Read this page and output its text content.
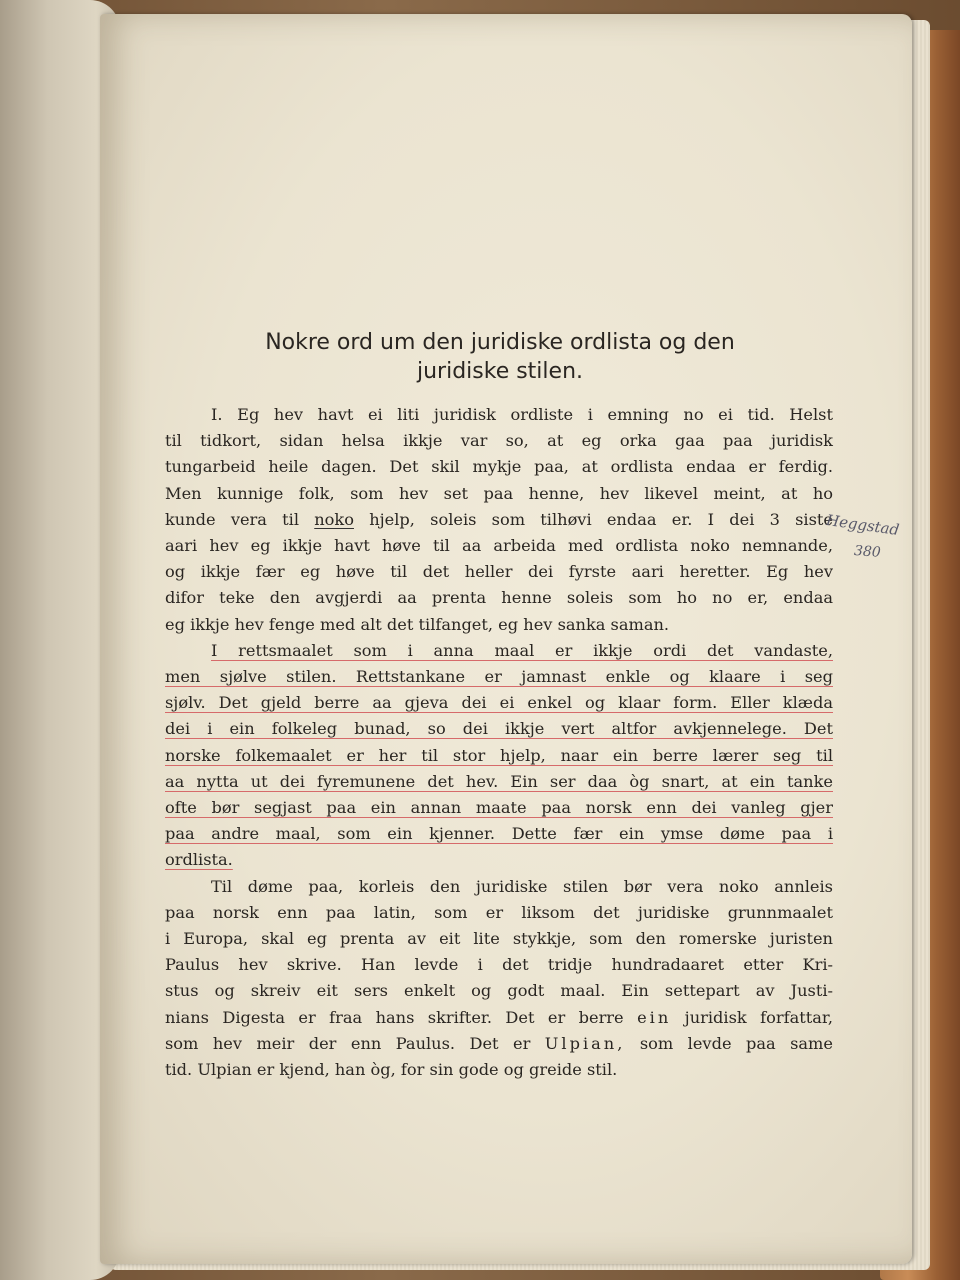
Nokre ord um den juridiske ordlista og den
juridiske stilen.
I. Eg hev havt ei liti juridisk ordliste i emning no ei tid. Helst
til tidkort, sidan helsa ikkje var so, at eg orka gaa paa juridisk
tungarbeid heile dagen. Det skil mykje paa, at ordlista endaa er ferdig.
Men kunnige folk, som hev set paa henne, hev likevel meint, at ho
kunde vera til noko hjelp, soleis som tilhøvi endaa er. I dei 3 siste
aari hev eg ikkje havt høve til aa arbeida med ordlista noko nemnande,
og ikkje fær eg høve til det heller dei fyrste aari heretter. Eg hev
difor teke den avgjerdi aa prenta henne soleis som ho no er, endaa
eg ikkje hev fenge med alt det tilfanget, eg hev sanka saman.
I rettsmaalet som i anna maal er ikkje ordi det vandaste,
men sjølve stilen. Rettstankane er jamnast enkle og klaare i seg
sjølv. Det gjeld berre aa gjeva dei ei enkel og klaar form. Eller klæda
dei i ein folkeleg bunad, so dei ikkje vert altfor avkjennelege. Det
norske folkemaalet er her til stor hjelp, naar ein berre lærer seg til
aa nytta ut dei fyremunene det hev. Ein ser daa òg snart, at ein tanke
ofte bør segjast paa ein annan maate paa norsk enn dei vanleg gjer
paa andre maal, som ein kjenner. Dette fær ein ymse døme paa i
ordlista.
Til døme paa, korleis den juridiske stilen bør vera noko annleis
paa norsk enn paa latin, som er liksom det juridiske grunnmaalet
i Europa, skal eg prenta av eit lite stykkje, som den romerske juristen
Paulus hev skrive. Han levde i det tridje hundradaaret etter Kri-
stus og skreiv eit sers enkelt og godt maal. Ein settepart av Justi-
nians Digesta er fraa hans skrifter. Det er berre ein juridisk forfattar,
som hev meir der enn Paulus. Det er Ulpian, som levde paa same
tid. Ulpian er kjend, han òg, for sin gode og greide stil.
Heggstad
380
